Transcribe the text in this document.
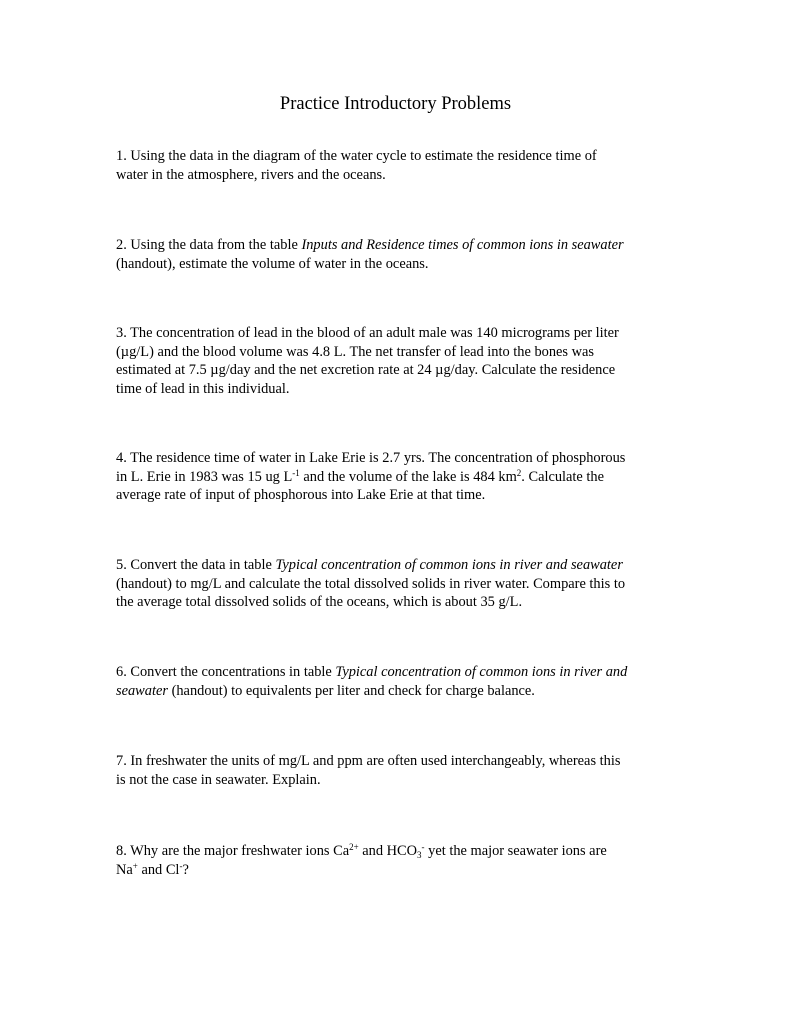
Practice Introductory Problems
1. Using the data in the diagram of the water cycle to estimate the residence time of
water in the atmosphere, rivers and the oceans.
2. Using the data from the table Inputs and Residence times of common ions in seawater
(handout), estimate the volume of water in the oceans.
3. The concentration of lead in the blood of an adult male was 140 micrograms per liter
(µg/L) and the blood volume was 4.8 L. The net transfer of lead into the bones was
estimated at 7.5 µg/day and the net excretion rate at 24 µg/day. Calculate the residence
time of lead in this individual.
4. The residence time of water in Lake Erie is 2.7 yrs. The concentration of phosphorous
in L. Erie in 1983 was 15 ug $L^{-1}$ and the volume of the lake is 484 $km^2$. Calculate the
average rate of input of phosphorous into Lake Erie at that time.
5. Convert the data in table Typical concentration of common ions in river and seawater
(handout) to mg/L and calculate the total dissolved solids in river water. Compare this to
the average total dissolved solids of the oceans, which is about 35 g/L.
6. Convert the concentrations in table Typical concentration of common ions in river and
seawater (handout) to equivalents per liter and check for charge balance.
7. In freshwater the units of mg/L and ppm are often used interchangeably, whereas this
is not the case in seawater. Explain.
8. Why are the major freshwater ions $Ca^{2+}$ and $HCO_3^-$ yet the major seawater ions are
Na+ and Cl-?
